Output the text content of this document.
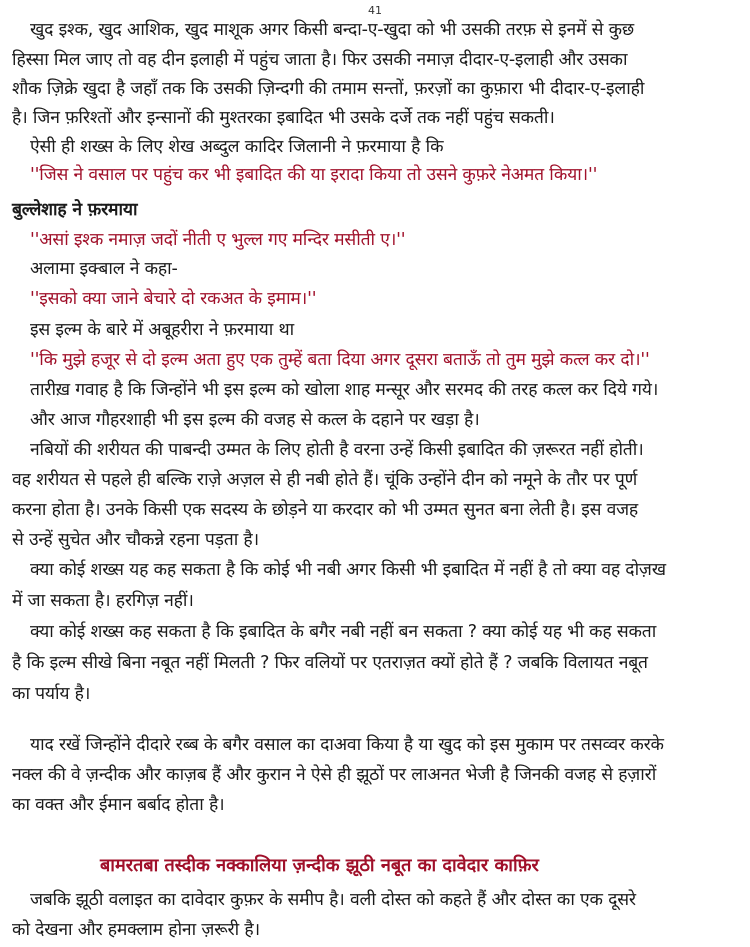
41
खुद इश्क, खुद आशिक, खुद माशूक अगर किसी बन्दा-ए-खुदा को भी उसकी तरफ़ से इनमें से कुछ
हिस्सा मिल जाए तो वह दीन इलाही में पहुंच जाता है। फिर उसकी नमाज़ दीदार-ए-इलाही और उसका
शौक ज़िक्रे खुदा है जहाँ तक कि उसकी ज़िन्दगी की तमाम सन्तों, फ़रज़ों का कुफ़ारा भी दीदार-ए-इलाही
है। जिन फ़रिश्तों और इन्सानों की मुश्तरका इबादित भी उसके दर्जे तक नहीं पहुंच सकती।
ऐसी ही शख्स के लिए शेख अब्दुल कादिर जिलानी ने फ़रमाया है कि
''जिस ने वसाल पर पहुंच कर भी इबादित की या इरादा किया तो उसने कुफ़रे नेअमत किया।''
बुल्लेशाह ने फ़रमाया
''असां इश्क नमाज़ जदों नीती ए भुल्ल गए मन्दिर मसीती ए।''
अलामा इक्बाल ने कहा-
''इसको क्या जाने बेचारे दो रकअत के इमाम।''
इस इल्म के बारे में अबूहरीरा ने फ़रमाया था
''कि मुझे हजूर से दो इल्म अता हुए एक तुम्हें बता दिया अगर दूसरा बताऊँ तो तुम मुझे कत्ल कर दो।''
तारीख़ गवाह है कि जिन्होंने भी इस इल्म को खोला शाह मन्सूर और सरमद की तरह कत्ल कर दिये गये।
और आज गौहरशाही भी इस इल्म की वजह से कत्ल के दहाने पर खड़ा है।
नबियों की शरीयत की पाबन्दी उम्मत के लिए होती है वरना उन्हें किसी इबादित की ज़रूरत नहीं होती।
वह शरीयत से पहले ही बल्कि राज़े अज़ल से ही नबी होते हैं। चूंकि उन्होंने दीन को नमूने के तौर पर पूर्ण
करना होता है। उनके किसी एक सदस्य के छोड़ने या करदार को भी उम्मत सुनत बना लेती है। इस वजह
से उन्हें सुचेत और चौकन्ने रहना पड़ता है।
क्या कोई शख्स यह कह सकता है कि कोई भी नबी अगर किसी भी इबादित में नहीं है तो क्या वह दोज़ख
में जा सकता है। हरगिज़ नहीं।
क्या कोई शख्स कह सकता है कि इबादित के बगैर नबी नहीं बन सकता ? क्या कोई यह भी कह सकता
है कि इल्म सीखे बिना नबूत नहीं मिलती ? फिर वलियों पर एतराज़त क्यों होते हैं ? जबकि विलायत नबूत
का पर्याय है।
याद रखें जिन्होंने दीदारे रब्ब के बगैर वसाल का दाअवा किया है या खुद को इस मुकाम पर तसव्वर करके
नक्ल की वे ज़न्दीक और काज़ब हैं और कुरान ने ऐसे ही झूठों पर लाअनत भेजी है जिनकी वजह से हज़ारों
का वक्त और ईमान बर्बाद होता है।
बामरतबा तस्दीक नक्कालिया ज़न्दीक झूठी नबूत का दावेदार काफ़िर
जबकि झूठी वलाइत का दावेदार कुफ़र के समीप है। वली दोस्त को कहते हैं और दोस्त का एक दूसरे
को देखना और हमक्लाम होना ज़रूरी है।
